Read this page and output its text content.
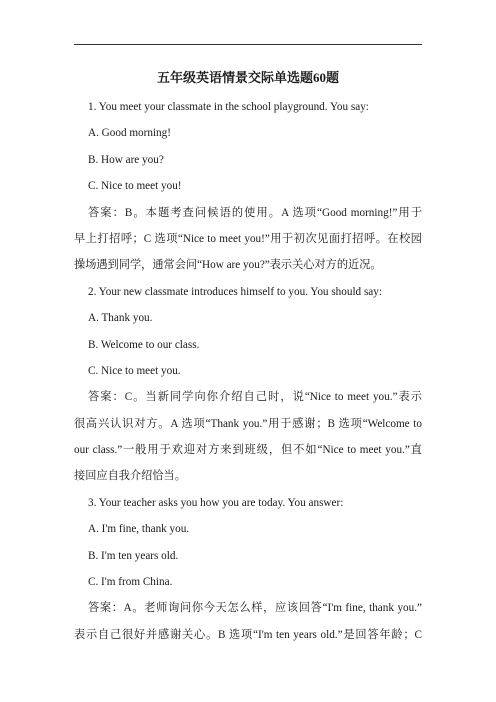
五年级英语情景交际单选题60题
1. You meet your classmate in the school playground. You say:
A. Good morning!
B. How are you?
C. Nice to meet you!
答案：B。本题考查问候语的使用。A 选项“Good morning!”用于
早上打招呼；C 选项“Nice to meet you!”用于初次见面打招呼。在校园
操场遇到同学，通常会问“How are you?”表示关心对方的近况。
2. Your new classmate introduces himself to you. You should say:
A. Thank you.
B. Welcome to our class.
C. Nice to meet you.
答案：C。当新同学向你介绍自己时，说“Nice to meet you.”表示
很高兴认识对方。A 选项“Thank you.”用于感谢；B 选项“Welcome to
our class.”一般用于欢迎对方来到班级，但不如“Nice to meet you.”直
接回应自我介绍恰当。
3. Your teacher asks you how you are today. You answer:
A. I'm fine, thank you.
B. I'm ten years old.
C. I'm from China.
答案：A。老师询问你今天怎么样，应该回答“I'm fine, thank you.”
表示自己很好并感谢关心。B 选项“I'm ten years old.”是回答年龄；C
